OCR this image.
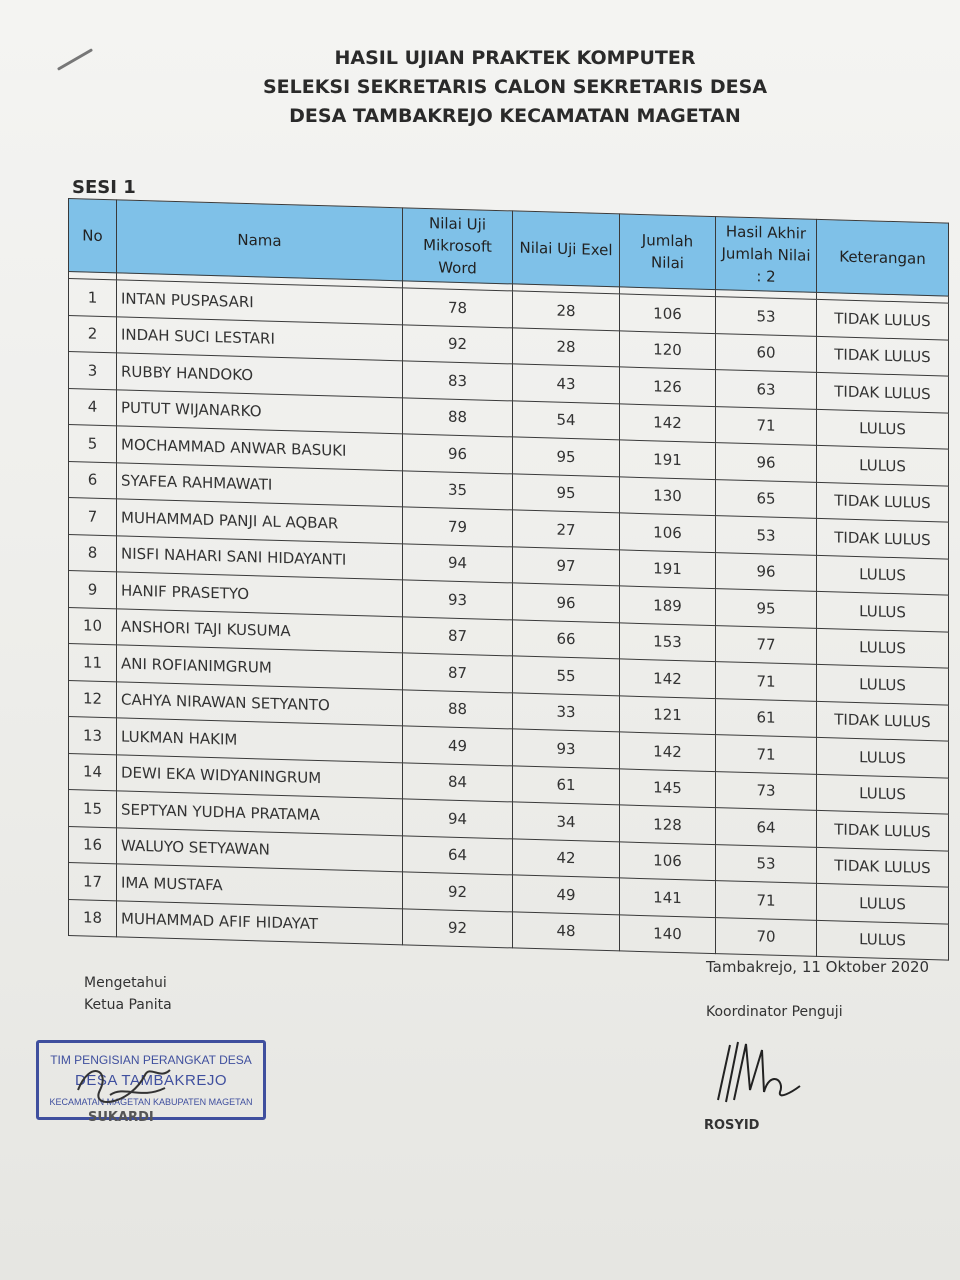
HASIL UJIAN PRAKTEK KOMPUTER
SELEKSI SEKRETARIS CALON SEKRETARIS DESA
DESA TAMBAKREJO KECAMATAN MAGETAN
SESI 1
No	Nama	Nilai Uji Mikrosoft Word	Nilai Uji Exel	Jumlah Nilai	Hasil Akhir Jumlah Nilai : 2	Keterangan

1	INTAN PUSPASARI	78	28	106	53	TIDAK LULUS
2	INDAH SUCI LESTARI	92	28	120	60	TIDAK LULUS
3	RUBBY HANDOKO	83	43	126	63	TIDAK LULUS
4	PUTUT WIJANARKO	88	54	142	71	LULUS
5	MOCHAMMAD ANWAR BASUKI	96	95	191	96	LULUS
6	SYAFEA RAHMAWATI	35	95	130	65	TIDAK LULUS
7	MUHAMMAD PANJI AL AQBAR	79	27	106	53	TIDAK LULUS
8	NISFI NAHARI SANI HIDAYANTI	94	97	191	96	LULUS
9	HANIF PRASETYO	93	96	189	95	LULUS
10	ANSHORI TAJI KUSUMA	87	66	153	77	LULUS
11	ANI ROFIANIMGRUM	87	55	142	71	LULUS
12	CAHYA NIRAWAN SETYANTO	88	33	121	61	TIDAK LULUS
13	LUKMAN HAKIM	49	93	142	71	LULUS
14	DEWI EKA WIDYANINGRUM	84	61	145	73	LULUS
15	SEPTYAN YUDHA PRATAMA	94	34	128	64	TIDAK LULUS
16	WALUYO SETYAWAN	64	42	106	53	TIDAK LULUS
17	IMA MUSTAFA	92	49	141	71	LULUS
18	MUHAMMAD AFIF HIDAYAT	92	48	140	70	LULUS
Tambakrejo, 11 Oktober 2020
Mengetahui
Ketua Panita	Koordinator Penguji
TIM PENGISIAN PERANGKAT DESA
DESA TAMBAKREJO
KECAMATAN MAGETAN KABUPATEN MAGETAN
SUKARDI
ROSYID
